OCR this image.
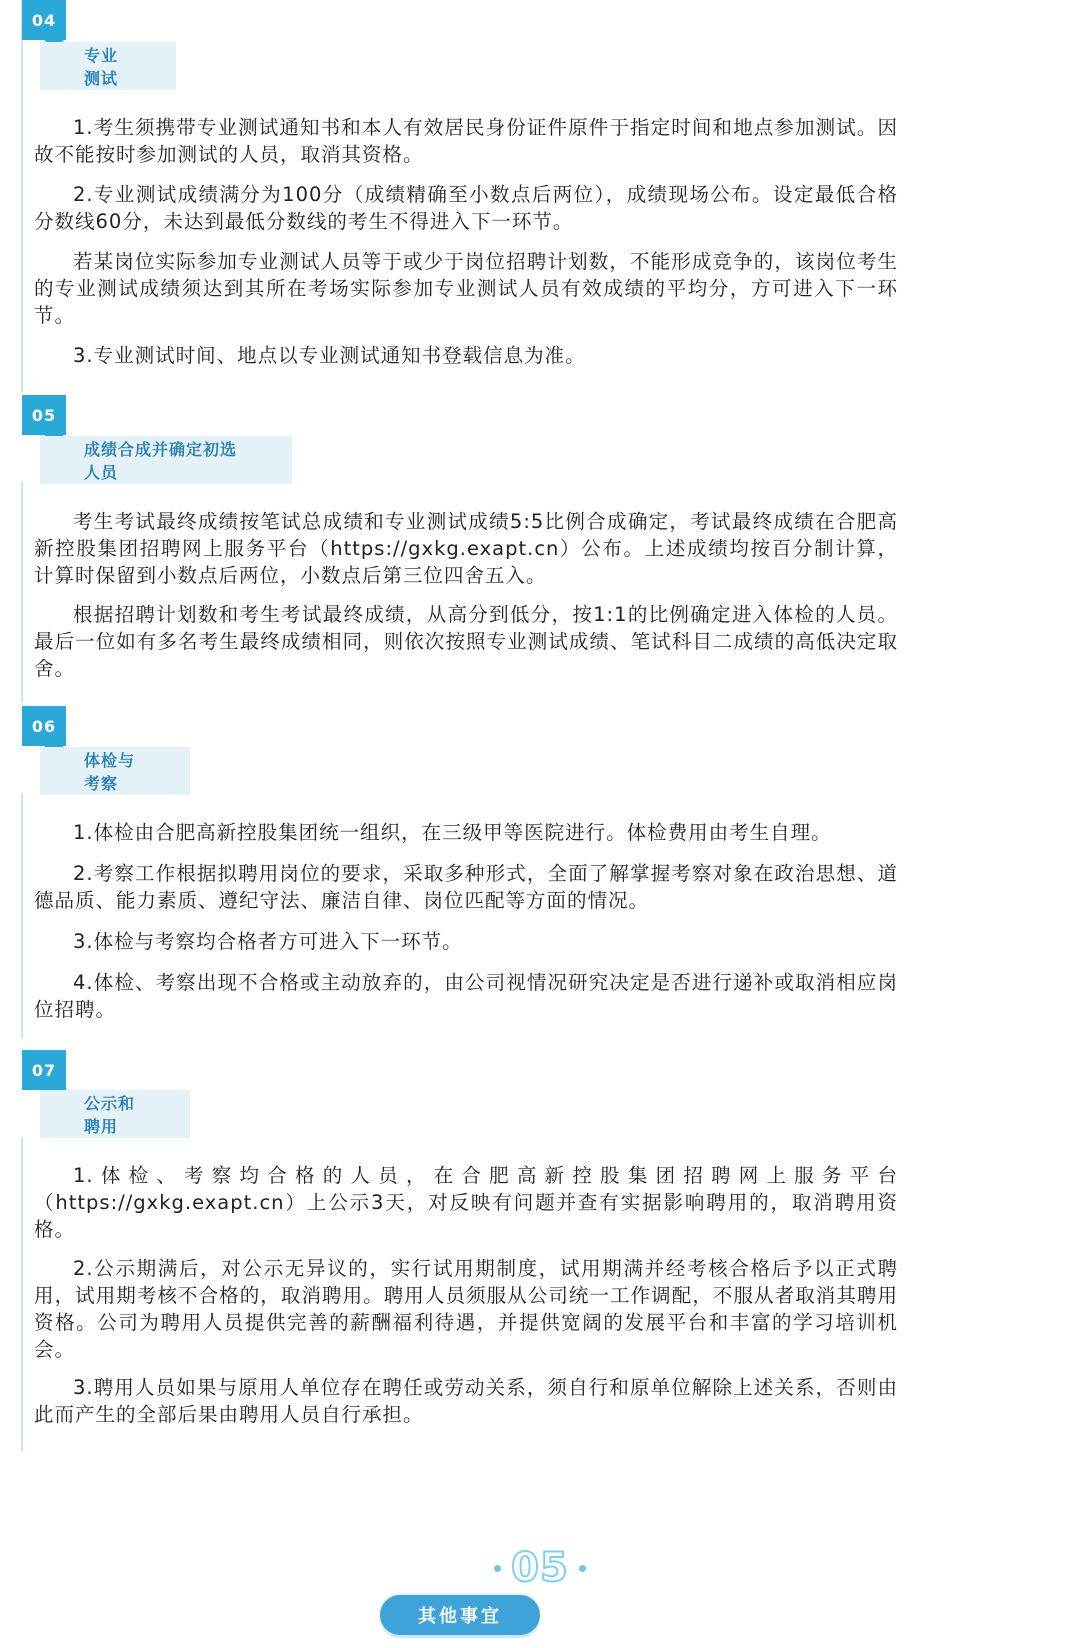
04
专业测试

1.考生须携带专业测试通知书和本人有效居民身份证件原件于指定时间和地点参加测试。因故不能按时参加测试的人员，取消其资格。

2.专业测试成绩满分为100分（成绩精确至小数点后两位），成绩现场公布。设定最低合格分数线60分，未达到最低分数线的考生不得进入下一环节。

若某岗位实际参加专业测试人员等于或少于岗位招聘计划数，不能形成竞争的，该岗位考生的专业测试成绩须达到其所在考场实际参加专业测试人员有效成绩的平均分，方可进入下一环节。

3.专业测试时间、地点以专业测试通知书登载信息为准。

05
成绩合成并确定初选人员

考生考试最终成绩按笔试总成绩和专业测试成绩5:5比例合成确定，考试最终成绩在合肥高新控股集团招聘网上服务平台（https://gxkg.exapt.cn）公布。上述成绩均按百分制计算，计算时保留到小数点后两位，小数点后第三位四舍五入。

根据招聘计划数和考生考试最终成绩，从高分到低分，按1:1的比例确定进入体检的人员。最后一位如有多名考生最终成绩相同，则依次按照专业测试成绩、笔试科目二成绩的高低决定取舍。

06
体检与考察

1.体检由合肥高新控股集团统一组织，在三级甲等医院进行。体检费用由考生自理。

2.考察工作根据拟聘用岗位的要求，采取多种形式，全面了解掌握考察对象在政治思想、道德品质、能力素质、遵纪守法、廉洁自律、岗位匹配等方面的情况。

3.体检与考察均合格者方可进入下一环节。

4.体检、考察出现不合格或主动放弃的，由公司视情况研究决定是否进行递补或取消相应岗位招聘。

07
公示和聘用

1.体检、考察均合格的人员，在合肥高新控股集团招聘网上服务平台（https://gxkg.exapt.cn）上公示3天，对反映有问题并查有实据影响聘用的，取消聘用资格。

2.公示期满后，对公示无异议的，实行试用期制度，试用期满并经考核合格后予以正式聘用，试用期考核不合格的，取消聘用。聘用人员须服从公司统一工作调配，不服从者取消其聘用资格。公司为聘用人员提供完善的薪酬福利待遇，并提供宽阔的发展平台和丰富的学习培训机会。

3.聘用人员如果与原用人单位存在聘任或劳动关系，须自行和原单位解除上述关系，否则由此而产生的全部后果由聘用人员自行承担。

05
其他事宜
